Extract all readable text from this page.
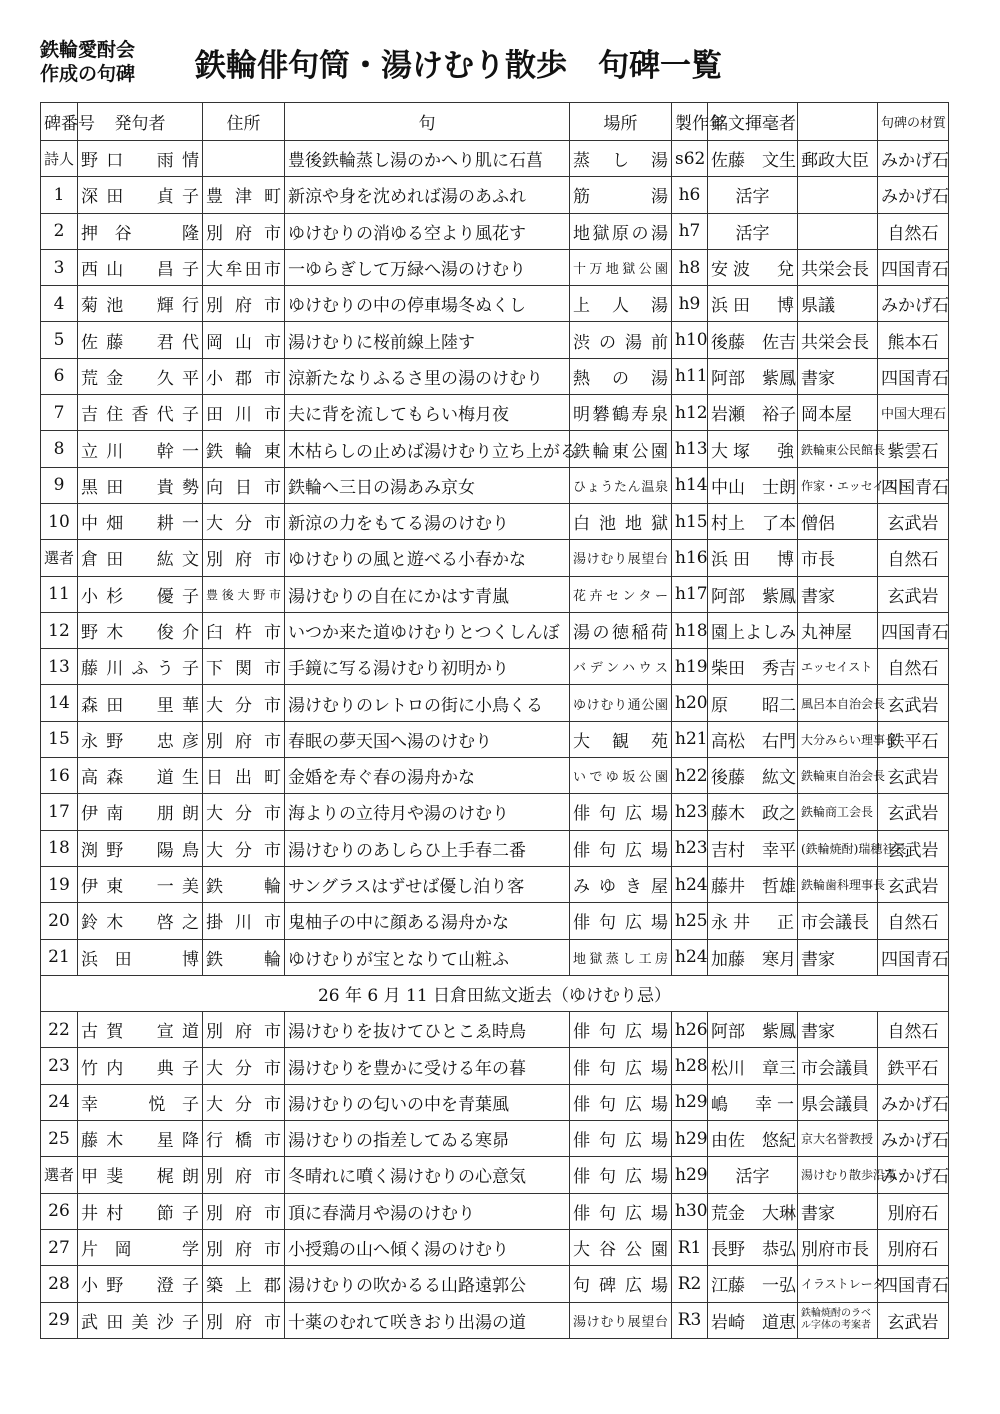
鉄輪愛酎会
作成の句碑	鉄輪俳句筒・湯けむり散歩　句碑一覧
碑番号	発句者	住所	句	場所	製作年	銘文揮毫者		句碑の材質
詩人	野口　雨情		豊後鉄輪蒸し湯のかへり肌に石菖	蒸　し　湯	s62	佐藤　文生	郵政大臣	みかげ石
1	深田　貞子	豊津町	新涼や身を沈めれば湯のあふれ	筋　　湯	h6	活字		みかげ石
2	押谷　隆	別府市	ゆけむりの消ゆる空より風花す	地獄原の湯	h7	活字		自然石
3	西山　昌子	大牟田市	一ゆらぎして万緑へ湯のけむり	十万地獄公園	h8	安波　兌	共栄会長	四国青石
4	菊池　輝行	別府市	ゆけむりの中の停車場冬ぬくし	上　人　湯	h9	浜田　博	県議	みかげ石
5	佐藤　君代	岡山市	湯けむりに桜前線上陸す	渋の湯前	h10	後藤　佐吉	共栄会長	熊本石
6	荒金　久平	小郡市	涼新たなりふるさ里の湯のけむり	熱　の　湯	h11	阿部　紫鳳	書家	四国青石
7	吉住香代子	田川市	夫に背を流してもらい梅月夜	明礬鶴寿泉	h12	岩瀬　裕子	岡本屋	中国大理石
8	立川　幹一	鉄輪東	木枯らしの止めば湯けむり立ち上がる	鉄輪東公園	h13	大塚　強	鉄輪東公民館長	紫雲石
9	黒田　貴勢	向日市	鉄輪へ三日の湯あみ京女	ひょうたん温泉	h14	中山　士朗	作家・エッセイスト	四国青石
10	中畑　耕一	大分市	新涼の力をもてる湯のけむり	白池地獄	h15	村上　了本	僧侶	玄武岩
選者	倉田　紘文	別府市	ゆけむりの風と遊べる小春かな	湯けむり展望台	h16	浜田　博	市長	自然石
11	小杉　優子	豊後大野市	湯けむりの自在にかはす青嵐	花卉センター	h17	阿部　紫鳳	書家	玄武岩
12	野木　俊介	臼杵市	いつか来た道ゆけむりとつくしんぼ	湯の徳稲荷	h18	園上よしみ	丸神屋	四国青石
13	藤川ふう子	下関市	手鏡に写る湯けむり初明かり	バデンハウス	h19	柴田　秀吉	エッセイスト	自然石
14	森田　里華	大分市	湯けむりのレトロの街に小鳥くる	ゆけむり通公園	h20	原　　昭二	風呂本自治会長	玄武岩
15	永野　忠彦	別府市	春眠の夢天国へ湯のけむり	大　観　苑	h21	高松　右門	大分みらい理事長	鉄平石
16	高森　道生	日出町	金婚を寿ぐ春の湯舟かな	いでゆ坂公園	h22	後藤　紘文	鉄輪東自治会長	玄武岩
17	伊南　朋朗	大分市	海よりの立待月や湯のけむり	俳句広場	h23	藤木　政之	鉄輪商工会長	玄武岩
18	渕野　陽鳥	大分市	湯けむりのあしらひ上手春二番	俳句広場	h23	吉村　幸平	(鉄輪焼酎)瑞穂社長	玄武岩
19	伊東　一美	鉄輪	サングラスはずせば優し泊り客	みゆき屋	h24	藤井　哲雄	鉄輪歯科理事長	玄武岩
20	鈴木　啓之	掛川市	鬼柚子の中に顔ある湯舟かな	俳句広場	h25	永井　正	市会議長	自然石
21	浜田　博	鉄輪	ゆけむりが宝となりて山粧ふ	地獄蒸し工房	h24	加藤　寒月	書家	四国青石
26 年 6 月 11 日倉田紘文逝去（ゆけむり忌）								
22	古賀　宣道	別府市	湯けむりを抜けてひとこゑ時鳥	俳句広場	h26	阿部　紫鳳	書家	自然石
23	竹内　典子	大分市	湯けむりを豊かに受ける年の暮	俳句広場	h28	松川　章三	市会議員	鉄平石
24	幸　悦子	大分市	湯けむりの匂いの中を青葉風	俳句広場	h29	嶋　幸一	県会議員	みかげ石
25	藤木　星降	行橋市	湯けむりの指差してゐる寒昴	俳句広場	h29	由佐　悠紀	京大名誉教授	みかげ石
選者	甲斐　梶朗	別府市	冬晴れに噴く湯けむりの心意気	俳句広場	h29	活字	湯けむり散歩沿革	みかげ石
26	井村　節子	別府市	頂に春満月や湯のけむり	俳句広場	h30	荒金　大琳	書家	別府石
27	片岡　学	別府市	小授鶏の山へ傾く湯のけむり	大谷公園	R1	長野　恭弘	別府市長	別府石
28	小野　澄子	築上郡	湯けむりの吹かるる山路遠郭公	句碑広場	R2	江藤　一弘	イラストレータ	四国青石
29	武田美沙子	別府市	十薬のむれて咲きおり出湯の道	湯けむり展望台	R3	岩崎　道恵	鉄輪焼酎のラベル字体の考案者	玄武岩
